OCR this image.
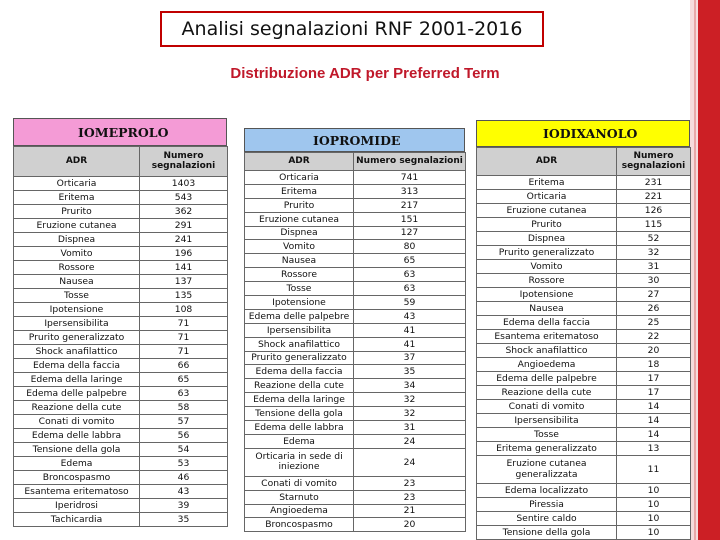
Analisi segnalazioni RNF 2001-2016
Distribuzione ADR per Preferred Term
IOMEPROLO
ADR	Numero segnalazioni
Orticaria	1403
Eritema	543
Prurito	362
Eruzione cutanea	291
Dispnea	241
Vomito	196
Rossore	141
Nausea	137
Tosse	135
Ipotensione	108
Ipersensibilita	71
Prurito generalizzato	71
Shock anafilattico	71
Edema della faccia	66
Edema della laringe	65
Edema delle palpebre	63
Reazione della cute	58
Conati di vomito	57
Edema delle labbra	56
Tensione della gola	54
Edema	53
Broncospasmo	46
Esantema eritematoso	43
Iperidrosi	39
Tachicardia	35
IOPROMIDE
ADR	Numero segnalazioni
Orticaria	741
Eritema	313
Prurito	217
Eruzione cutanea	151
Dispnea	127
Vomito	80
Nausea	65
Rossore	63
Tosse	63
Ipotensione	59
Edema delle palpebre	43
Ipersensibilita	41
Shock anafilattico	41
Prurito generalizzato	37
Edema della faccia	35
Reazione della cute	34
Edema della laringe	32
Tensione della gola	32
Edema delle labbra	31
Edema	24
Orticaria in sede di iniezione	24
Conati di vomito	23
Starnuto	23
Angioedema	21
Broncospasmo	20
IODIXANOLO
ADR	Numero segnalazioni
Eritema	231
Orticaria	221
Eruzione cutanea	126
Prurito	115
Dispnea	52
Prurito generalizzato	32
Vomito	31
Rossore	30
Ipotensione	27
Nausea	26
Edema della faccia	25
Esantema eritematoso	22
Shock anafilattico	20
Angioedema	18
Edema delle palpebre	17
Reazione della cute	17
Conati di vomito	14
Ipersensibilita	14
Tosse	14
Eritema generalizzato	13
Eruzione cutanea generalizzata	11
Edema localizzato	10
Piressia	10
Sentire caldo	10
Tensione della gola	10
